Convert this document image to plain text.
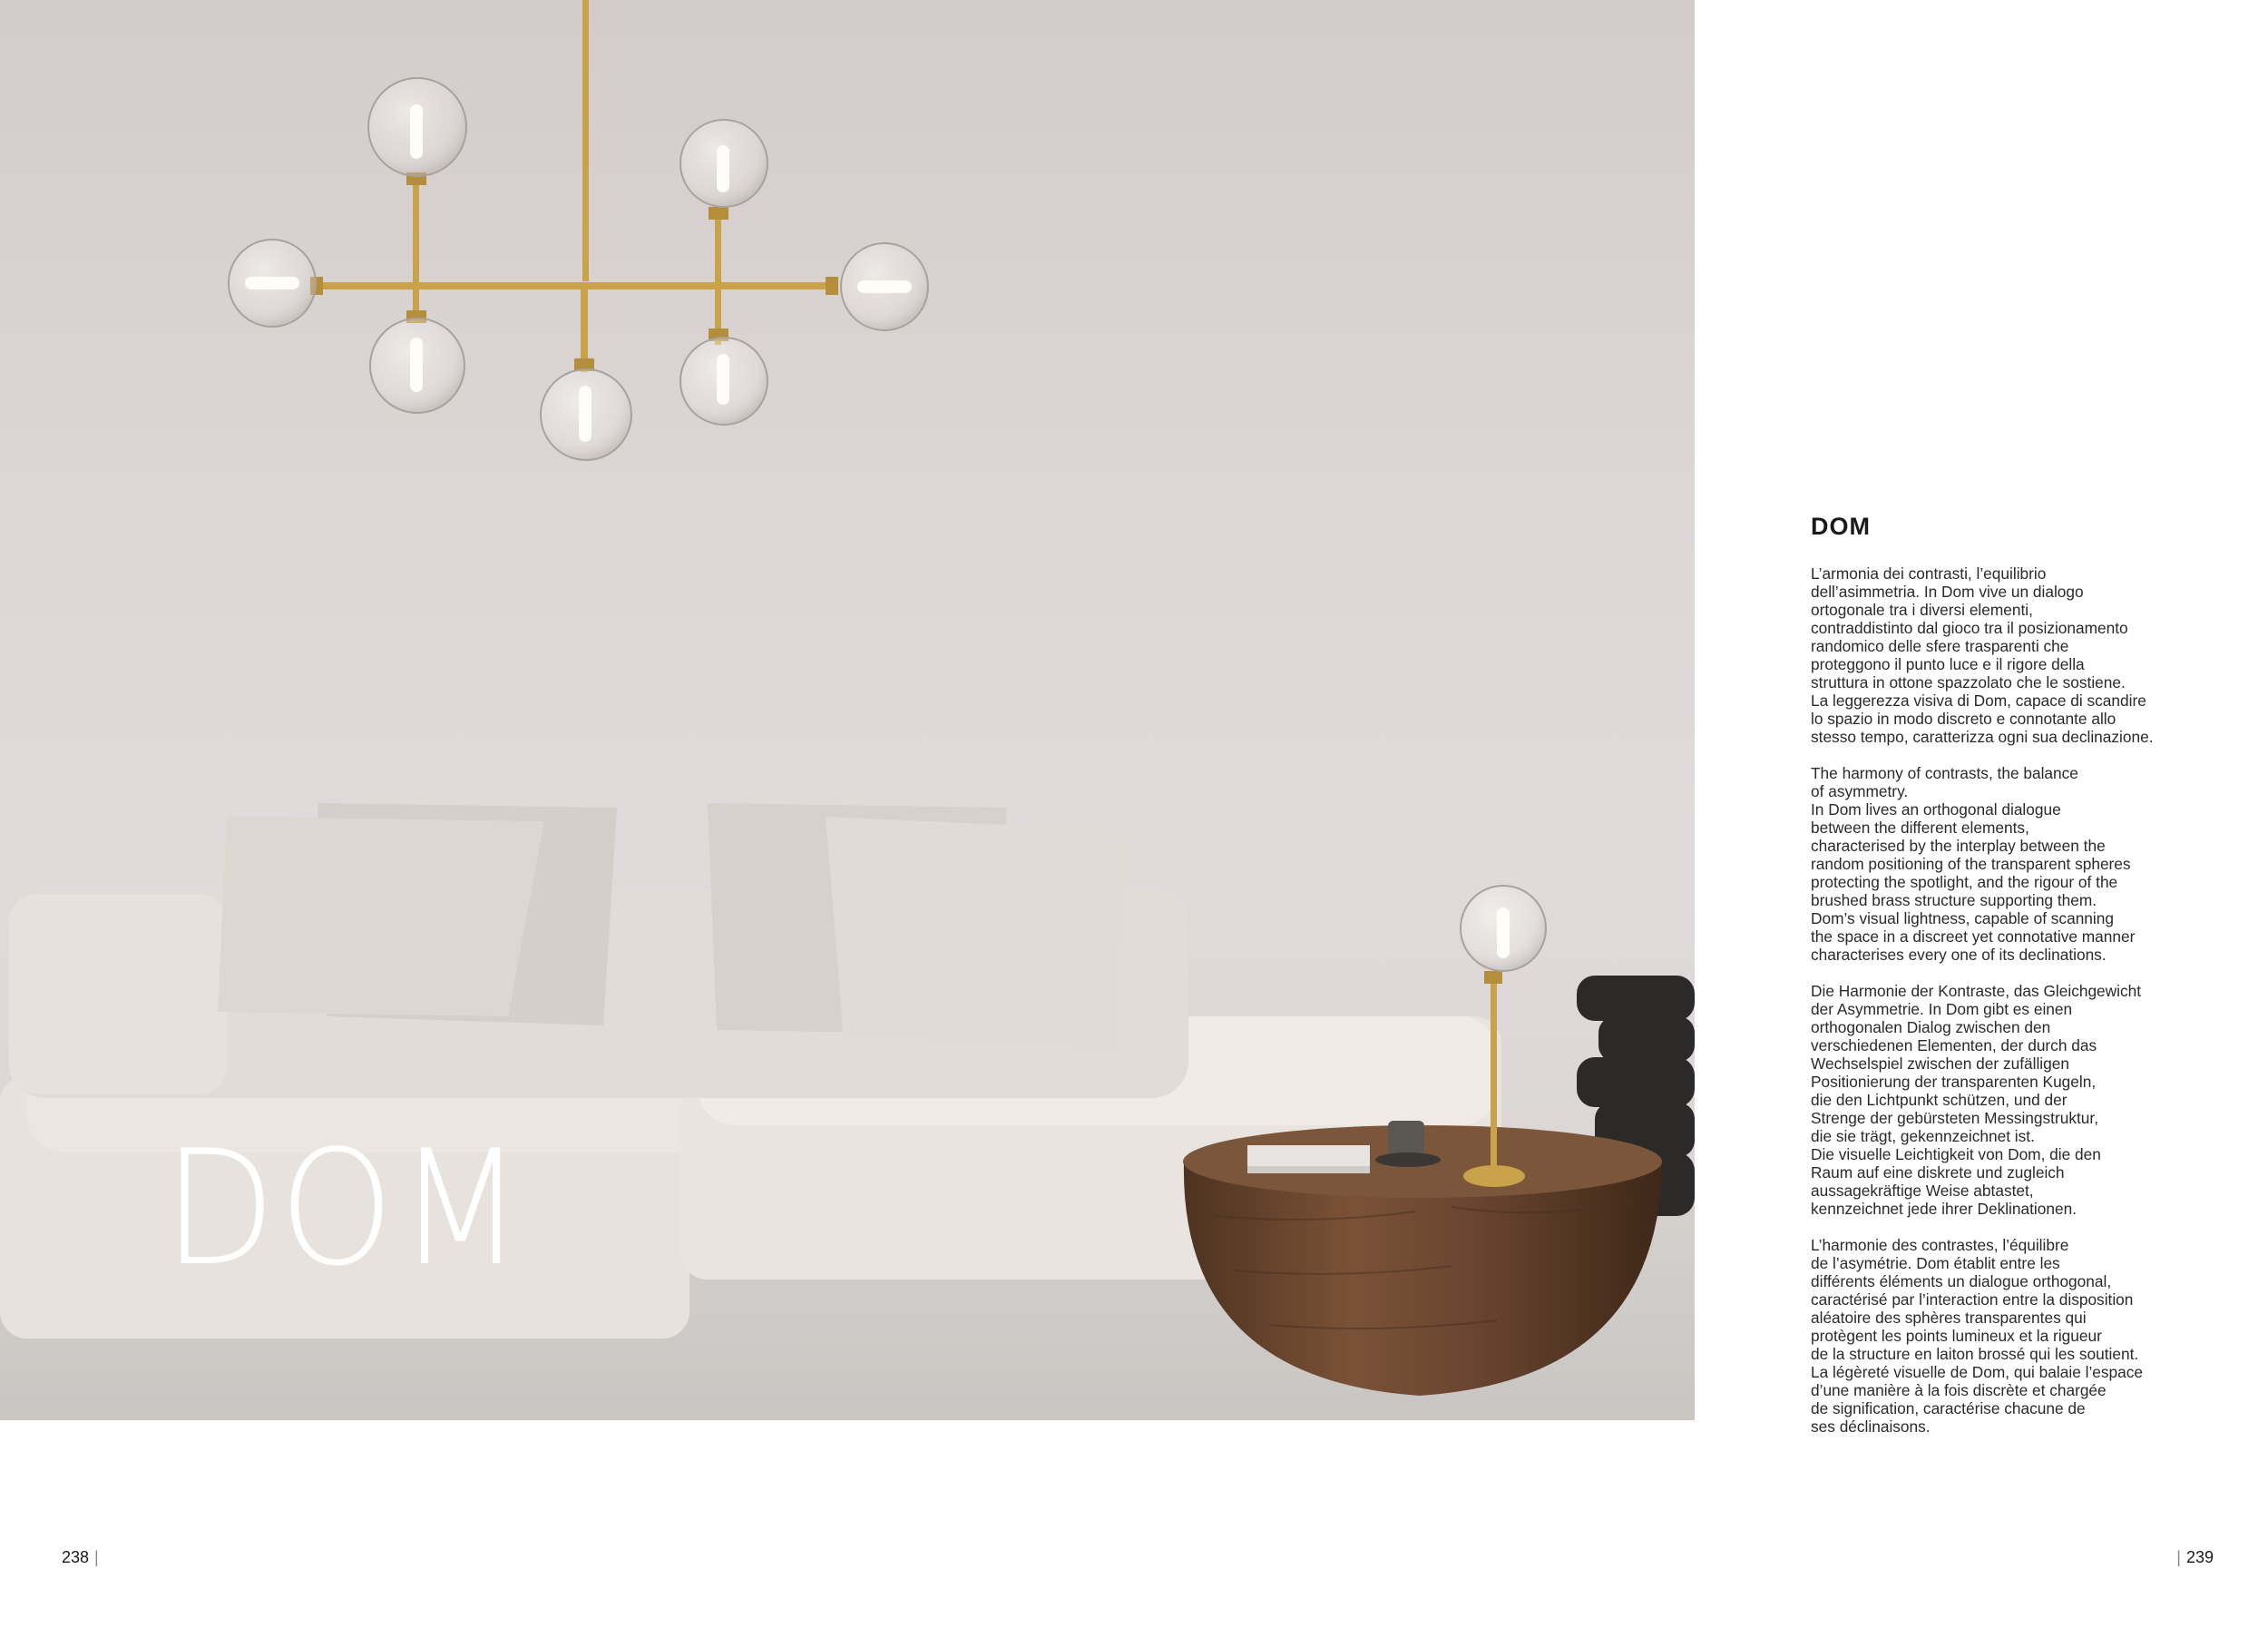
DOM
DOM

L’armonia dei contrasti, l’equilibrio
dell’asimmetria. In Dom vive un dialogo
ortogonale tra i diversi elementi,
contraddistinto dal gioco tra il posizionamento
randomico delle sfere trasparenti che
proteggono il punto luce e il rigore della
struttura in ottone spazzolato che le sostiene.
La leggerezza visiva di Dom, capace di scandire
lo spazio in modo discreto e connotante allo
stesso tempo, caratterizza ogni sua declinazione.

The harmony of contrasts, the balance
of asymmetry.
In Dom lives an orthogonal dialogue
between the different elements,
characterised by the interplay between the
random positioning of the transparent spheres
protecting the spotlight, and the rigour of the
brushed brass structure supporting them.
Dom’s visual lightness, capable of scanning
the space in a discreet yet connotative manner
characterises every one of its declinations.

Die Harmonie der Kontraste, das Gleichgewicht
der Asymmetrie. In Dom gibt es einen
orthogonalen Dialog zwischen den
verschiedenen Elementen, der durch das
Wechselspiel zwischen der zufälligen
Positionierung der transparenten Kugeln,
die den Lichtpunkt schützen, und der
Strenge der gebürsteten Messingstruktur,
die sie trägt, gekennzeichnet ist.
Die visuelle Leichtigkeit von Dom, die den
Raum auf eine diskrete und zugleich
aussagekräftige Weise abtastet,
kennzeichnet jede ihrer Deklinationen.

L’harmonie des contrastes, l’équilibre
de l’asymétrie. Dom établit entre les
différents éléments un dialogue orthogonal,
caractérisé par l’interaction entre la disposition
aléatoire des sphères transparentes qui
protègent les points lumineux et la rigueur
de la structure en laiton brossé qui les soutient.
La légèreté visuelle de Dom, qui balaie l’espace
d’une manière à la fois discrète et chargée
de signification, caractérise chacune de
ses déclinaisons.

238 |	| 239
